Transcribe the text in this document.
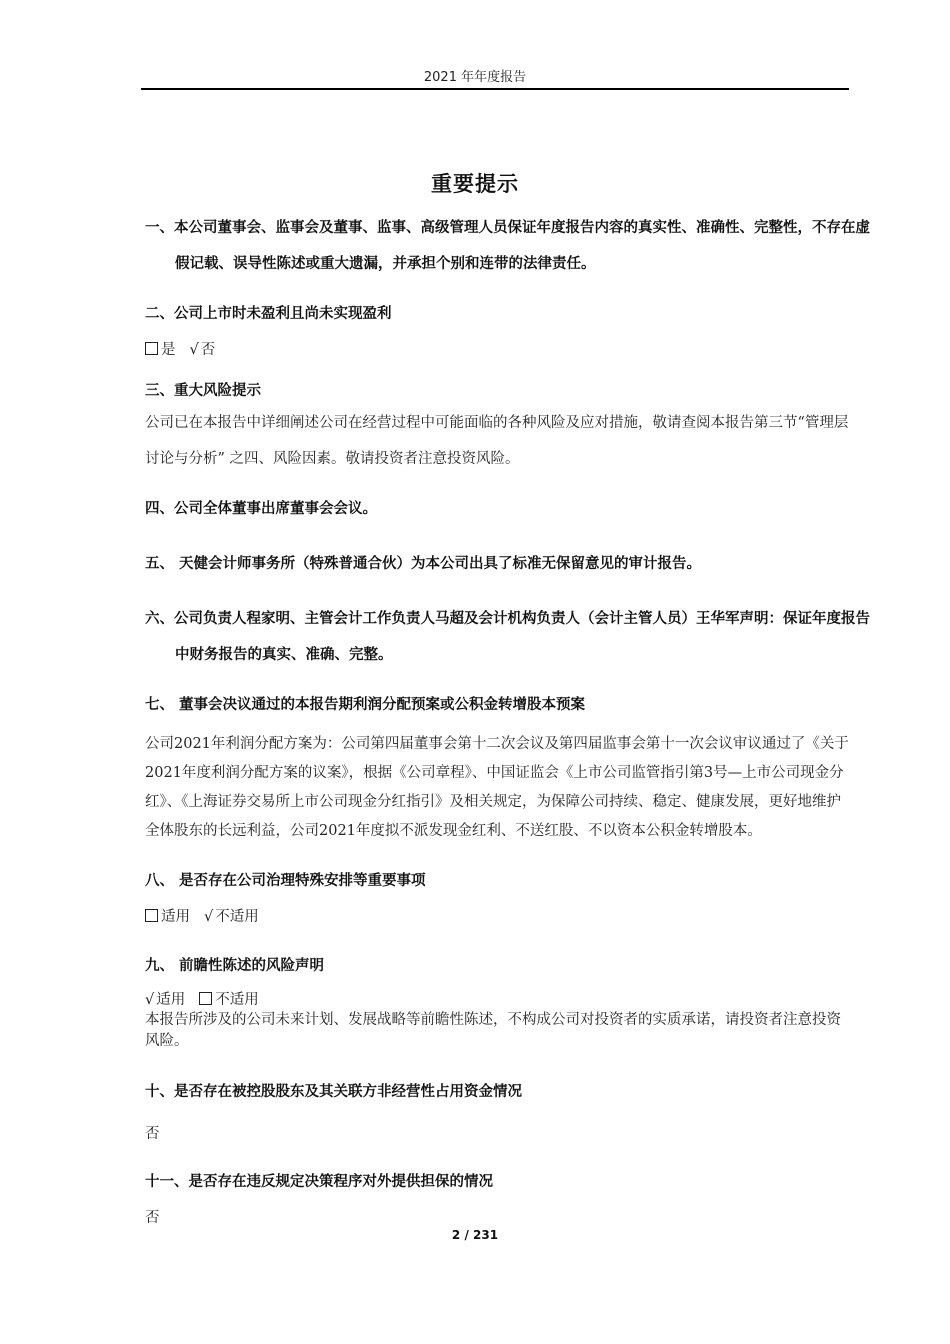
2021 年年度报告
重要提示
一、本公司董事会、监事会及董事、监事、高级管理人员保证年度报告内容的真实性、准确性、完整性，不存在虚假记载、误导性陈述或重大遗漏，并承担个别和连带的法律责任。
二、公司上市时未盈利且尚未实现盈利
是 √ 否
三、重大风险提示
公司已在本报告中详细阐述公司在经营过程中可能面临的各种风险及应对措施，敬请查阅本报告第三节“管理层讨论与分析” 之四、风险因素。敬请投资者注意投资风险。
四、公司全体董事出席董事会会议。
五、 天健会计师事务所（特殊普通合伙）为本公司出具了标准无保留意见的审计报告。
六、公司负责人程家明、主管会计工作负责人马超及会计机构负责人（会计主管人员）王华军声明：保证年度报告中财务报告的真实、准确、完整。
七、 董事会决议通过的本报告期利润分配预案或公积金转增股本预案
公司2021年利润分配方案为：公司第四届董事会第十二次会议及第四届监事会第十一次会议审议通过了《关于2021年度利润分配方案的议案》，根据《公司章程》、中国证监会《上市公司监管指引第3号—上市公司现金分红》、《上海证券交易所上市公司现金分红指引》及相关规定，为保障公司持续、稳定、健康发展，更好地维护全体股东的长远利益，公司2021年度拟不派发现金红利、不送红股、不以资本公积金转增股本。
八、 是否存在公司治理特殊安排等重要事项
适用 √ 不适用
九、 前瞻性陈述的风险声明
√ 适用 不适用
本报告所涉及的公司未来计划、发展战略等前瞻性陈述，不构成公司对投资者的实质承诺，请投资者注意投资风险。
十、是否存在被控股股东及其关联方非经营性占用资金情况
否
十一、是否存在违反规定决策程序对外提供担保的情况
否
2 / 231
